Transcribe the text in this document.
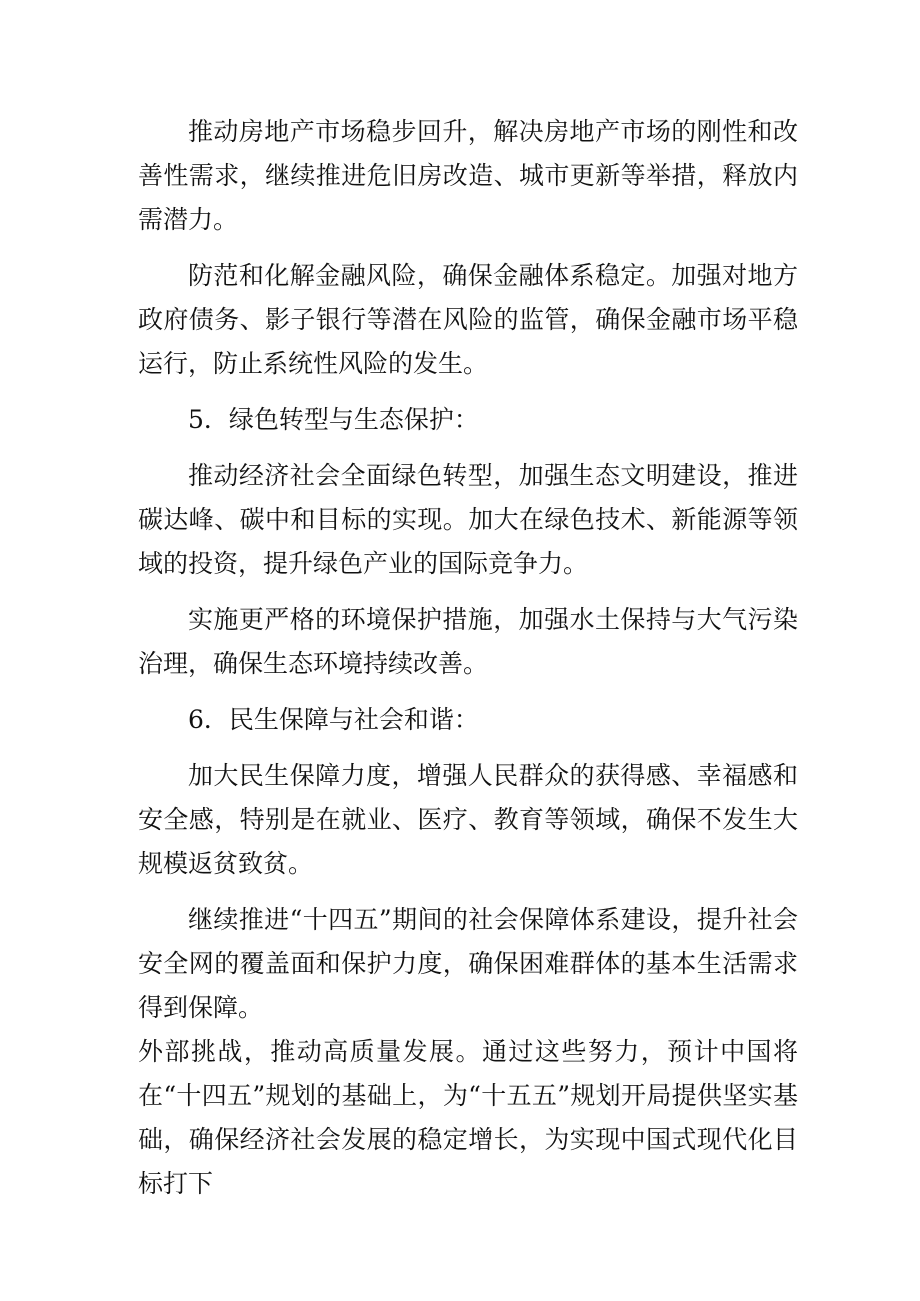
推动房地产市场稳步回升，解决房地产市场的刚性和改善性需求，继续推进危旧房改造、城市更新等举措，释放内需潜力。

防范和化解金融风险，确保金融体系稳定。加强对地方政府债务、影子银行等潜在风险的监管，确保金融市场平稳运行，防止系统性风险的发生。

5．绿色转型与生态保护：

推动经济社会全面绿色转型，加强生态文明建设，推进碳达峰、碳中和目标的实现。加大在绿色技术、新能源等领域的投资，提升绿色产业的国际竞争力。

实施更严格的环境保护措施，加强水土保持与大气污染治理，确保生态环境持续改善。

6．民生保障与社会和谐：

加大民生保障力度，增强人民群众的获得感、幸福感和安全感，特别是在就业、医疗、教育等领域，确保不发生大规模返贫致贫。

继续推进“十四五”期间的社会保障体系建设，提升社会安全网的覆盖面和保护力度，确保困难群体的基本生活需求得到保障。

外部挑战，推动高质量发展。通过这些努力，预计中国将在“十四五”规划的基础上，为“十五五”规划开局提供坚实基础，确保经济社会发展的稳定增长，为实现中国式现代化目标打下
